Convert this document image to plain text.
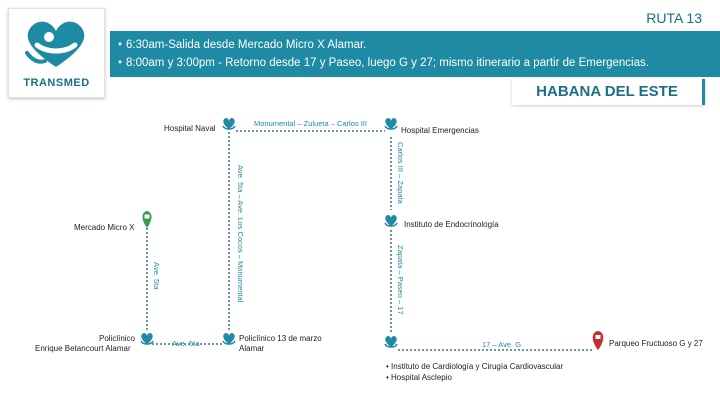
TRANSMED
RUTA 13
• 6:30am-Salida desde Mercado Micro X Alamar.
• 8:00am y 3:00pm - Retorno desde 17 y Paseo, luego G y 27; mismo itinerario a partir de Emergencias.
HABANA DEL ESTE
Hospital Naval	Hospital Emergencias
Instituto de Endocrinología
Mercado Micro X
Policlínico
Enrique Betancourt Alamar
Policlínico 13 de marzo
Alamar
Parqueo Fructuoso G y 27
• Instituto de Cardiología y Cirugía Cardiovascular
• Hospital Asclepio
Monumental – Zulueta – Carlos III
Ave. 5ta	17 – Ave. G
Carlos III – Zapata
Zapata – Paseo – 17
Ave. 5ta	Ave. 5ta – Ave. Los Cocos – Monumental
